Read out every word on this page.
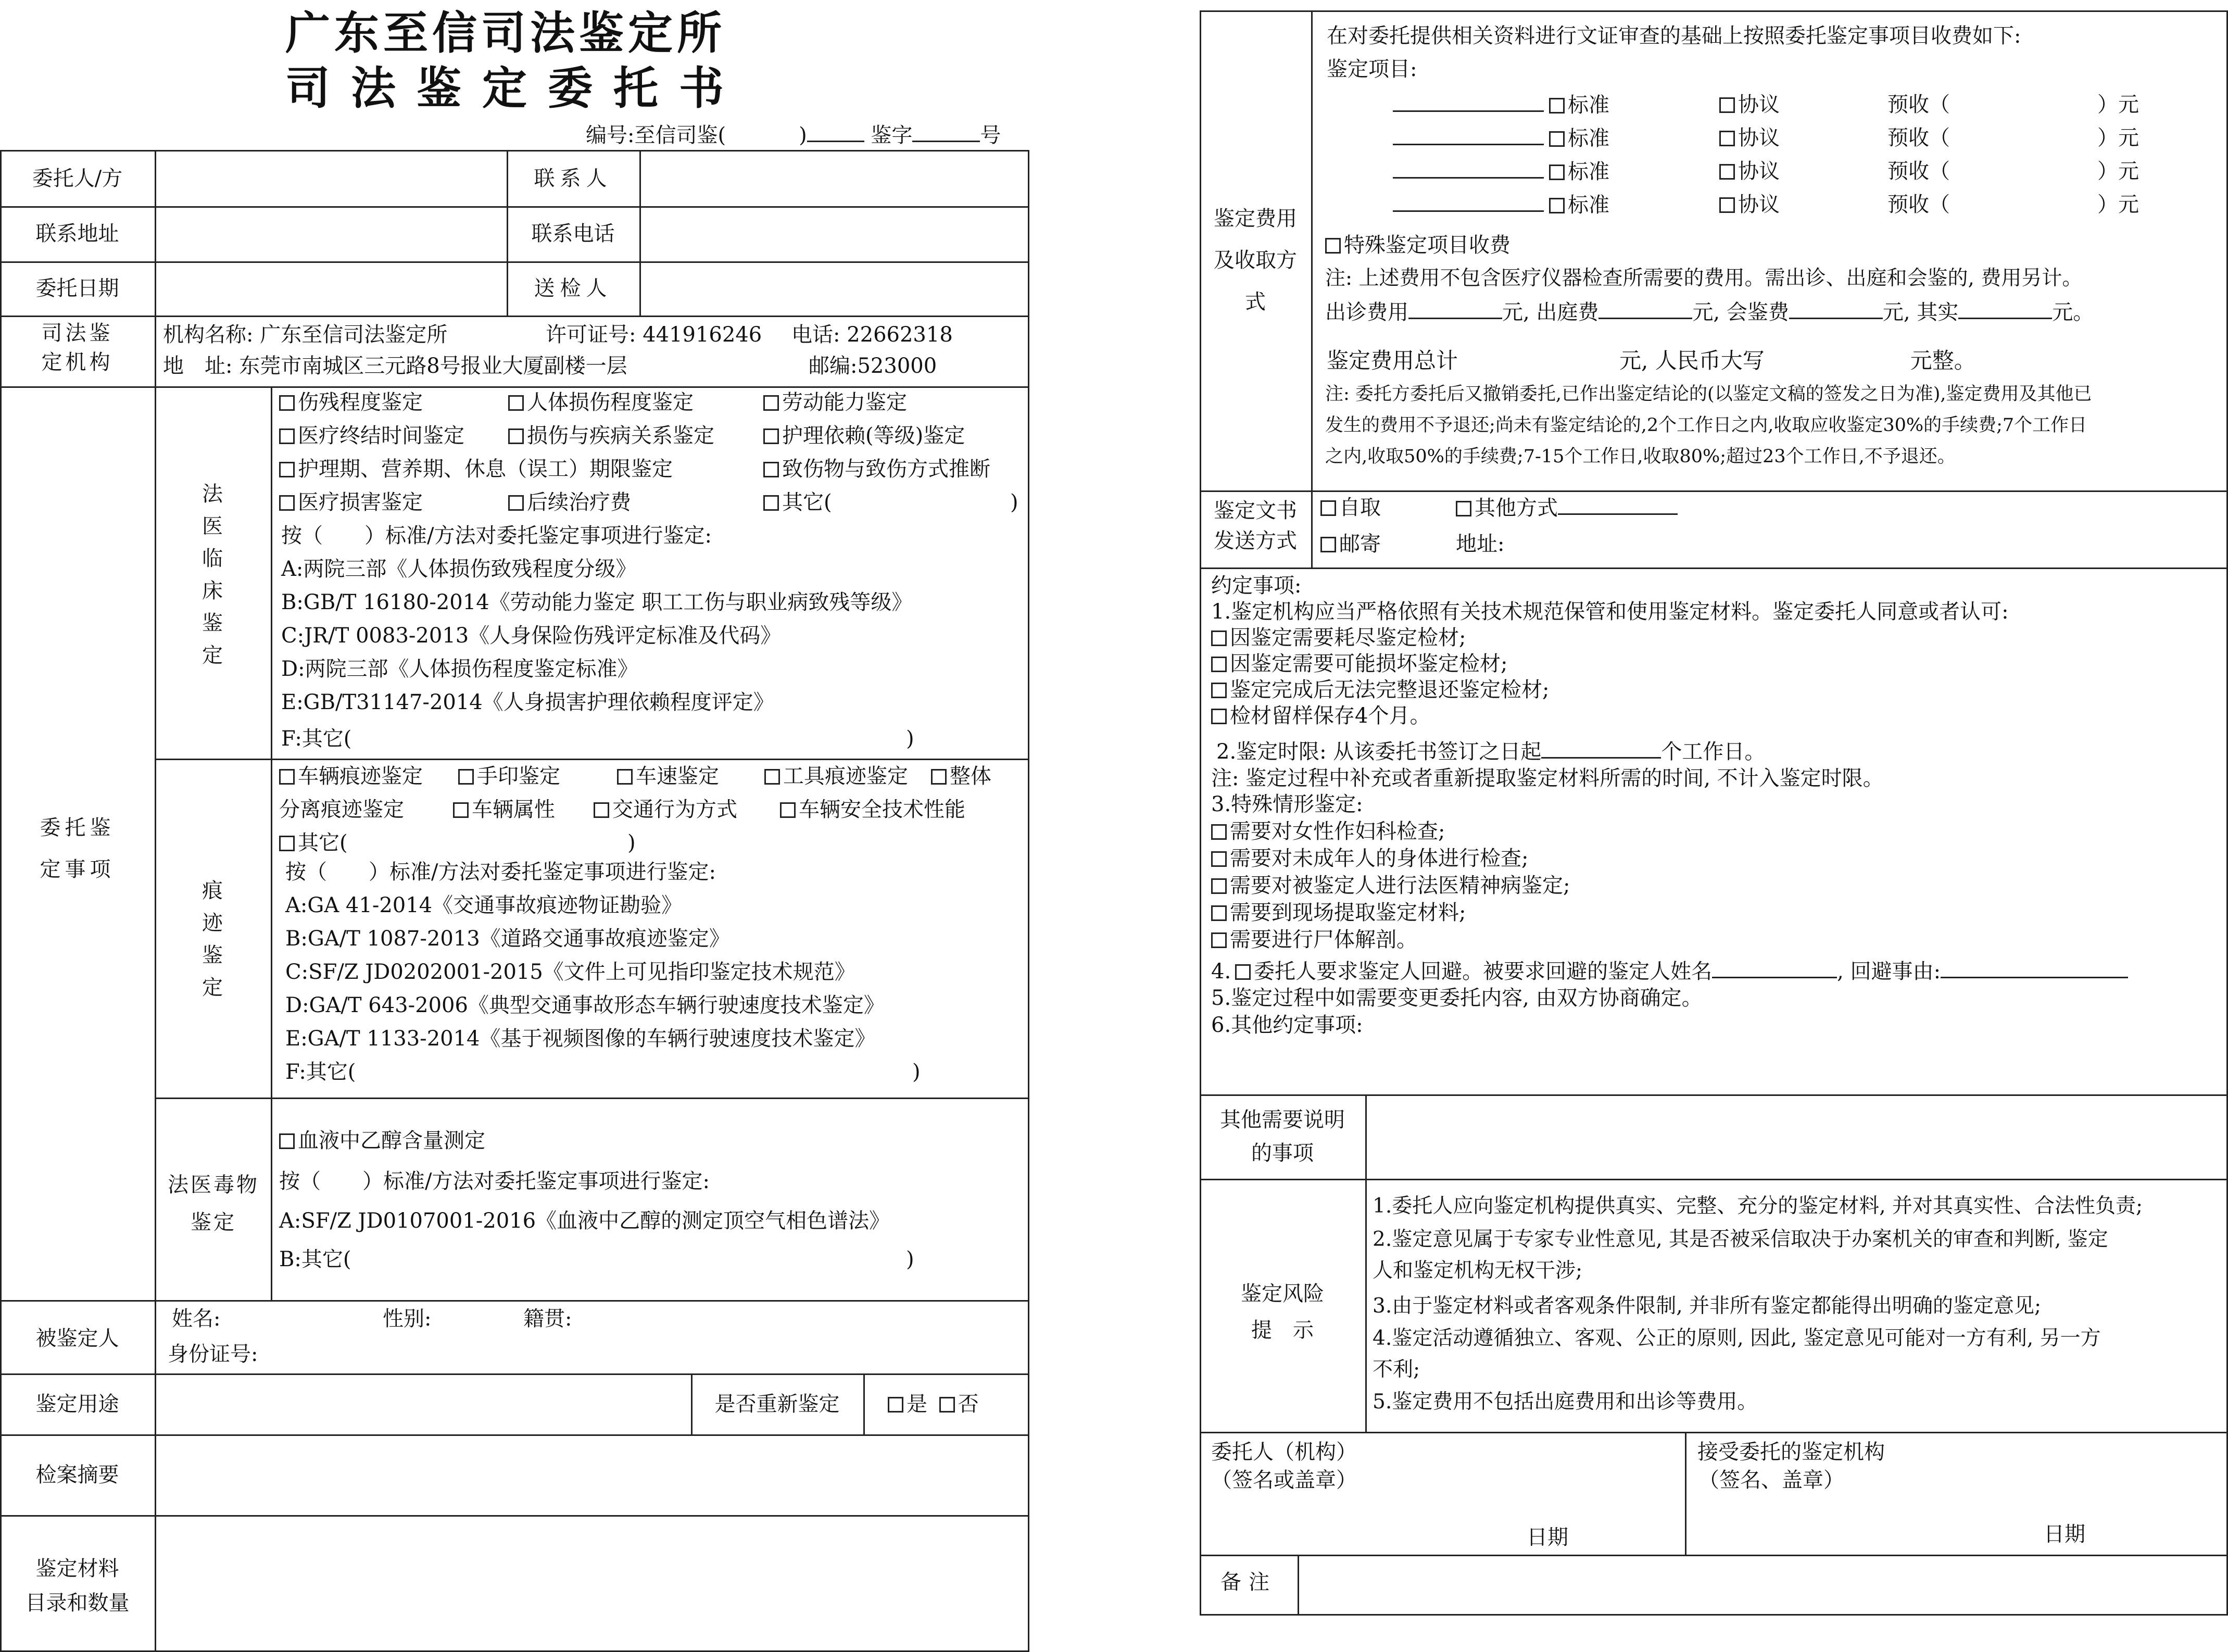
广东至信司法鉴定所
司法鉴定委托书
编号:至信司鉴(	)	鉴字	号
委托人/方	联系人
联系地址	联系电话
委托日期	送检人
司法鉴定机构
机构名称: 广东至信司法鉴定所	许可证号: 441916246 电话: 22662318
地　址: 东莞市南城区三元路8号报业大厦副楼一层	邮编:523000
委托鉴定事项
法医临床鉴定
伤残程度鉴定	人体损伤程度鉴定	劳动能力鉴定
医疗终结时间鉴定	损伤与疾病关系鉴定	护理依赖(等级)鉴定
护理期、营养期、休息（误工）期限鉴定	致伤物与致伤方式推断
医疗损害鉴定	后续治疗费	其它(	)
按（　　）标准/方法对委托鉴定事项进行鉴定:
A:两院三部《人体损伤致残程度分级》
B:GB/T 16180-2014《劳动能力鉴定 职工工伤与职业病致残等级》
C:JR/T 0083-2013《人身保险伤残评定标准及代码》
D:两院三部《人体损伤程度鉴定标准》
E:GB/T31147-2014《人身损害护理依赖程度评定》
F:其它(	)
痕迹鉴定
车辆痕迹鉴定	手印鉴定	车速鉴定	工具痕迹鉴定	整体
分离痕迹鉴定	车辆属性	交通行为方式	车辆安全技术性能
其它(	)
按（　　）标准/方法对委托鉴定事项进行鉴定:
A:GA 41-2014《交通事故痕迹物证勘验》
B:GA/T 1087-2013《道路交通事故痕迹鉴定》
C:SF/Z JD0202001-2015《文件上可见指印鉴定技术规范》
D:GA/T 643-2006《典型交通事故形态车辆行驶速度技术鉴定》
E:GA/T 1133-2014《基于视频图像的车辆行驶速度技术鉴定》
F:其它(	)
法医毒物鉴定
血液中乙醇含量测定
按（　　）标准/方法对委托鉴定事项进行鉴定:
A:SF/Z JD0107001-2016《血液中乙醇的测定顶空气相色谱法》
B:其它(	)
被鉴定人
姓名:	性别:	籍贯:
身份证号:
鉴定用途	是否重新鉴定	是 否
检案摘要
鉴定材料
目录和数量
鉴定费用及收取方式
在对委托提供相关资料进行文证审查的基础上按照委托鉴定事项目收费如下:
鉴定项目:
标准	协议	预收（	）元
标准	协议	预收（	）元
标准	协议	预收（	）元
标准	协议	预收（	）元
特殊鉴定项目收费
注: 上述费用不包含医疗仪器检查所需要的费用。需出诊、出庭和会鉴的, 费用另计。
出诊费用	元, 出庭费	元, 会鉴费	元, 其实	元。
鉴定费用总计	元, 人民币大写	元整。
注: 委托方委托后又撤销委托,已作出鉴定结论的(以鉴定文稿的签发之日为准),鉴定费用及其他已
发生的费用不予退还;尚未有鉴定结论的,2个工作日之内,收取应收鉴定30%的手续费;7个工作日
之内,收取50%的手续费;7-15个工作日,收取80%;超过23个工作日,不予退还。
鉴定文书
发送方式
自取	其他方式
邮寄	地址:
约定事项:
1.鉴定机构应当严格依照有关技术规范保管和使用鉴定材料。鉴定委托人同意或者认可:
因鉴定需要耗尽鉴定检材;
因鉴定需要可能损坏鉴定检材;
鉴定完成后无法完整退还鉴定检材;
检材留样保存4个月。
2.鉴定时限: 从该委托书签订之日起	个工作日。
注: 鉴定过程中补充或者重新提取鉴定材料所需的时间, 不计入鉴定时限。
3.特殊情形鉴定:
需要对女性作妇科检查;
需要对未成年人的身体进行检查;
需要对被鉴定人进行法医精神病鉴定;
需要到现场提取鉴定材料;
需要进行尸体解剖。
4. 委托人要求鉴定人回避。被要求回避的鉴定人姓名	, 回避事由:
5.鉴定过程中如需要变更委托内容, 由双方协商确定。
6.其他约定事项:
其他需要说明
的事项
鉴定风险
提　示
1.委托人应向鉴定机构提供真实、完整、充分的鉴定材料, 并对其真实性、合法性负责;
2.鉴定意见属于专家专业性意见, 其是否被采信取决于办案机关的审查和判断, 鉴定
人和鉴定机构无权干涉;
3.由于鉴定材料或者客观条件限制, 并非所有鉴定都能得出明确的鉴定意见;
4.鉴定活动遵循独立、客观、公正的原则, 因此, 鉴定意见可能对一方有利, 另一方
不利;
5.鉴定费用不包括出庭费用和出诊等费用。
委托人（机构）
（签名或盖章）
日期
接受委托的鉴定机构
（签名、盖章）
日期
备注
